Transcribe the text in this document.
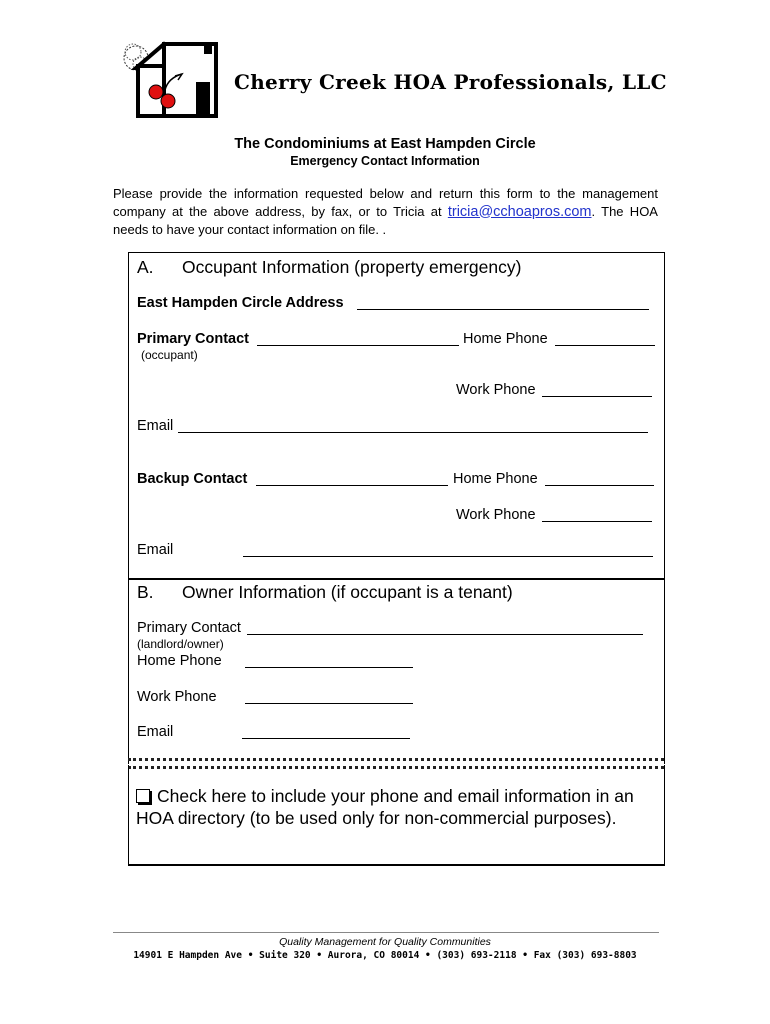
Cherry Creek HOA Professionals, LLC
The Condominiums at East Hampden Circle
Emergency Contact Information
Please provide the information requested below and return this form to the management company at the above address, by fax, or to Tricia at tricia@cchoapros.com. The HOA needs to have your contact information on file. .
A. Occupant Information (property emergency)
East Hampden Circle Address
Primary Contact	Home Phone
(occupant)
Work Phone
Email
Backup Contact	Home Phone
Work Phone
Email
B. Owner Information (if occupant is a tenant)
Primary Contact
(landlord/owner)
Home Phone
Work Phone
Email
Check here to include your phone and email information in an HOA directory (to be used only for non-commercial purposes).
Quality Management for Quality Communities
14901 E Hampden Ave • Suite 320 • Aurora, CO 80014 • (303) 693-2118 • Fax (303) 693-8803
